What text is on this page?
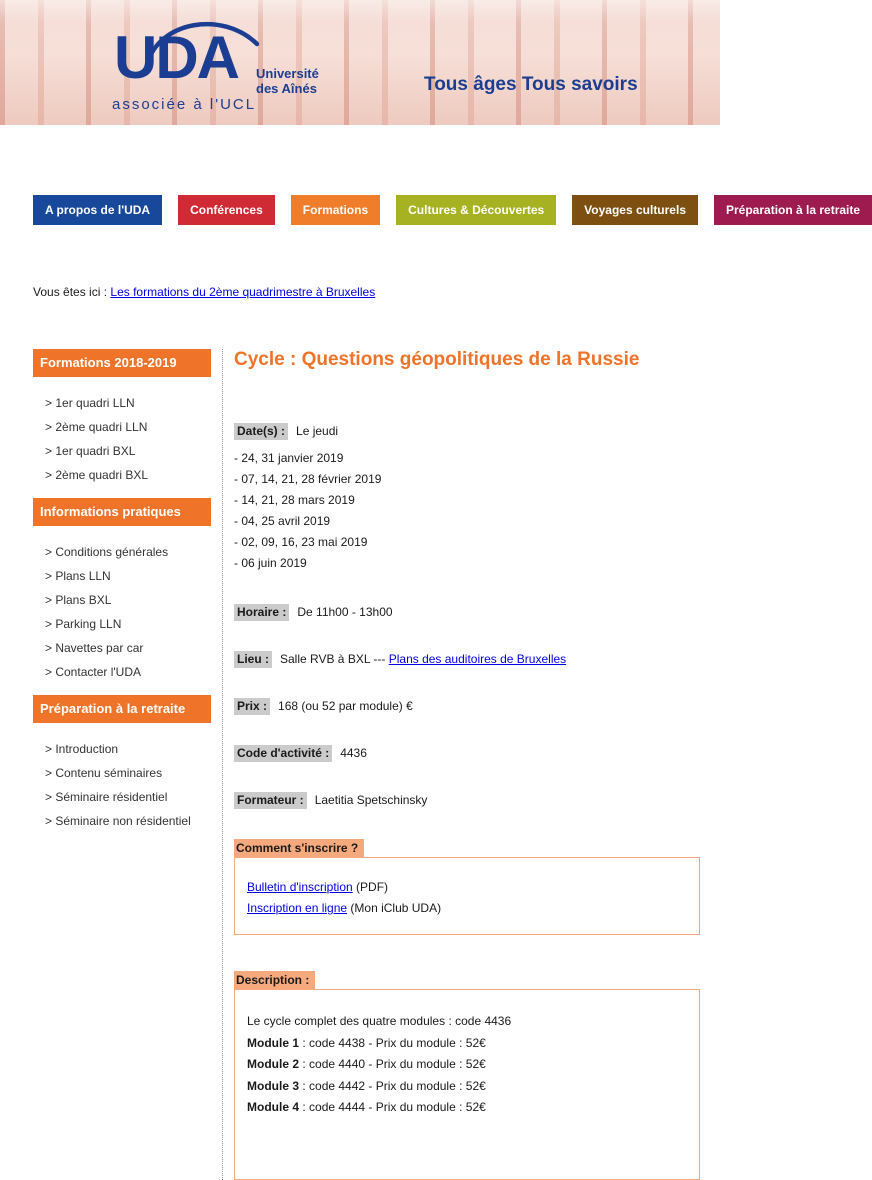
UDA Université
des Aînés
associée à l'UCL
Tous âges Tous savoirs
A propos de l'UDA	Conférences	Formations	Cultures & Découvertes	Voyages culturels	Préparation à la retraite
Vous êtes ici : Les formations du 2ème quadrimestre à Bruxelles
Formations 2018-2019
> 1er quadri LLN
> 2ème quadri LLN
> 1er quadri BXL
> 2ème quadri BXL
Informations pratiques
> Conditions générales
> Plans LLN
> Plans BXL
> Parking LLN
> Navettes par car
> Contacter l'UDA
Préparation à la retraite
> Introduction
> Contenu séminaires
> Séminaire résidentiel
> Séminaire non résidentiel
Cycle : Questions géopolitiques de la Russie
Date(s) : Le jeudi
- 24, 31 janvier 2019
- 07, 14, 21, 28 février 2019
- 14, 21, 28 mars 2019
- 04, 25 avril 2019
- 02, 09, 16, 23 mai 2019
- 06 juin 2019
Horaire : De 11h00 - 13h00
Lieu : Salle RVB à BXL --- Plans des auditoires de Bruxelles
Prix : 168 (ou 52 par module) €
Code d'activité : 4436
Formateur : Laetitia Spetschinsky
Comment s'inscrire ?
Bulletin d'inscription (PDF)
Inscription en ligne (Mon iClub UDA)
Description :
Le cycle complet des quatre modules : code 4436
Module 1 : code 4438 - Prix du module : 52€
Module 2 : code 4440 - Prix du module : 52€
Module 3 : code 4442 - Prix du module : 52€
Module 4 : code 4444 - Prix du module : 52€
